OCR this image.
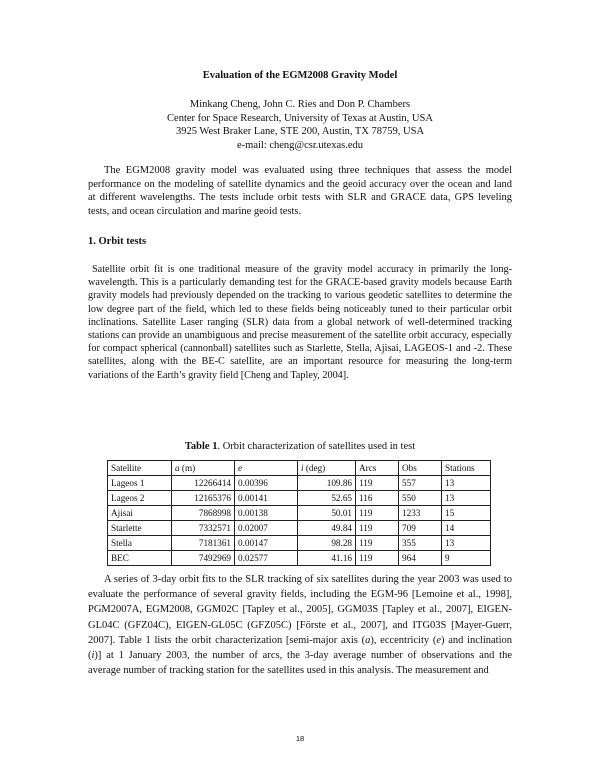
Evaluation of the EGM2008 Gravity Model
Minkang Cheng, John C. Ries and Don P. Chambers
Center for Space Research, University of Texas at Austin, USA
3925 West Braker Lane, STE 200, Austin, TX 78759, USA
e-mail: cheng@csr.utexas.edu
The EGM2008 gravity model was evaluated using three techniques that assess the model performance on the modeling of satellite dynamics and the geoid accuracy over the ocean and land at different wavelengths. The tests include orbit tests with SLR and GRACE data, GPS leveling tests, and ocean circulation and marine geoid tests.
1. Orbit tests
Satellite orbit fit is one traditional measure of the gravity model accuracy in primarily the long-wavelength. This is a particularly demanding test for the GRACE-based gravity models because Earth gravity models had previously depended on the tracking to various geodetic satellites to determine the low degree part of the field, which led to these fields being noticeably tuned to their particular orbit inclinations. Satellite Laser ranging (SLR) data from a global network of well-determined tracking stations can provide an unambiguous and precise measurement of the satellite orbit accuracy, especially for compact spherical (cannonball) satellites such as Starlette, Stella, Ajisai, LAGEOS-1 and -2. These satellites, along with the BE-C satellite, are an important resource for measuring the long-term variations of the Earth’s gravity field [Cheng and Tapley, 2004].
Table 1. Orbit characterization of satellites used in test
Satellite	a (m)	e	i (deg)	Arcs	Obs	Stations
Lageos 1	12266414	0.00396	109.86	119	557	13
Lageos 2	12165376	0.00141	52.65	116	550	13
Ajisai	7868998	0.00138	50.01	119	1233	15
Starlette	7332571	0.02007	49.84	119	709	14
Stella	7181361	0.00147	98.28	119	355	13
BEC	7492969	0.02577	41.16	119	964	9
A series of 3-day orbit fits to the SLR tracking of six satellites during the year 2003 was used to evaluate the performance of several gravity fields, including the EGM-96 [Lemoine et al., 1998], PGM2007A, EGM2008, GGM02C [Tapley et al., 2005], GGM03S [Tapley et al., 2007], EIGEN-GL04C (GFZ04C), EIGEN-GL05C (GFZ05C) [Förste et al., 2007], and ITG03S [Mayer-Guerr, 2007]. Table 1 lists the orbit characterization [semi-major axis (a), eccentricity (e) and inclination (i)] at 1 January 2003, the number of arcs, the 3-day average number of observations and the average number of tracking station for the satellites used in this analysis. The measurement and
18
